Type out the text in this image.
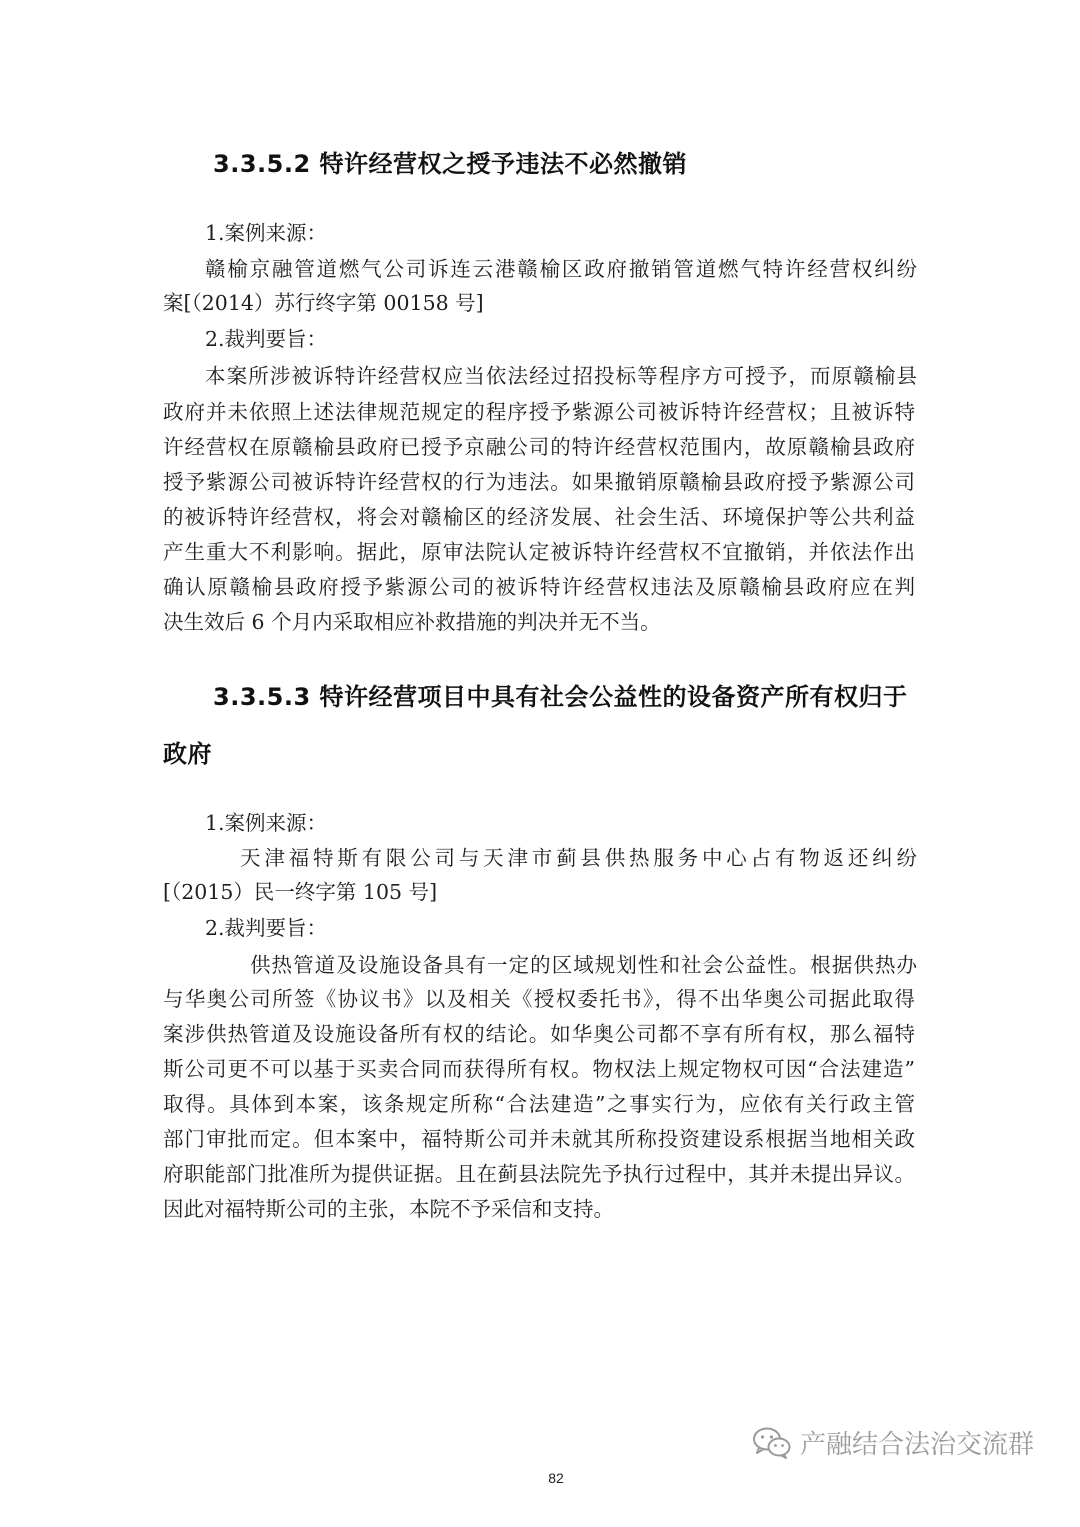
3.3.5.2 特许经营权之授予违法不必然撤销
1.案例来源：
赣榆京融管道燃气公司诉连云港赣榆区政府撤销管道燃气特许经营权纠纷
案[（2014）苏行终字第 00158 号]
2.裁判要旨：
本案所涉被诉特许经营权应当依法经过招投标等程序方可授予，而原赣榆县
政府并未依照上述法律规范规定的程序授予紫源公司被诉特许经营权；且被诉特
许经营权在原赣榆县政府已授予京融公司的特许经营权范围内，故原赣榆县政府
授予紫源公司被诉特许经营权的行为违法。如果撤销原赣榆县政府授予紫源公司
的被诉特许经营权，将会对赣榆区的经济发展、社会生活、环境保护等公共利益
产生重大不利影响。据此，原审法院认定被诉特许经营权不宜撤销，并依法作出
确认原赣榆县政府授予紫源公司的被诉特许经营权违法及原赣榆县政府应在判
决生效后 6 个月内采取相应补救措施的判决并无不当。
3.3.5.3 特许经营项目中具有社会公益性的设备资产所有权归于
政府
1.案例来源：
天津福特斯有限公司与天津市蓟县供热服务中心占有物返还纠纷
[（2015）民一终字第 105 号]
2.裁判要旨：
供热管道及设施设备具有一定的区域规划性和社会公益性。根据供热办
与华奥公司所签《协议书》以及相关《授权委托书》，得不出华奥公司据此取得
案涉供热管道及设施设备所有权的结论。如华奥公司都不享有所有权，那么福特
斯公司更不可以基于买卖合同而获得所有权。物权法上规定物权可因“合法建造”
取得。具体到本案，该条规定所称“合法建造”之事实行为，应依有关行政主管
部门审批而定。但本案中，福特斯公司并未就其所称投资建设系根据当地相关政
府职能部门批准所为提供证据。且在蓟县法院先予执行过程中，其并未提出异议。
因此对福特斯公司的主张，本院不予采信和支持。
82
产融结合法治交流群
